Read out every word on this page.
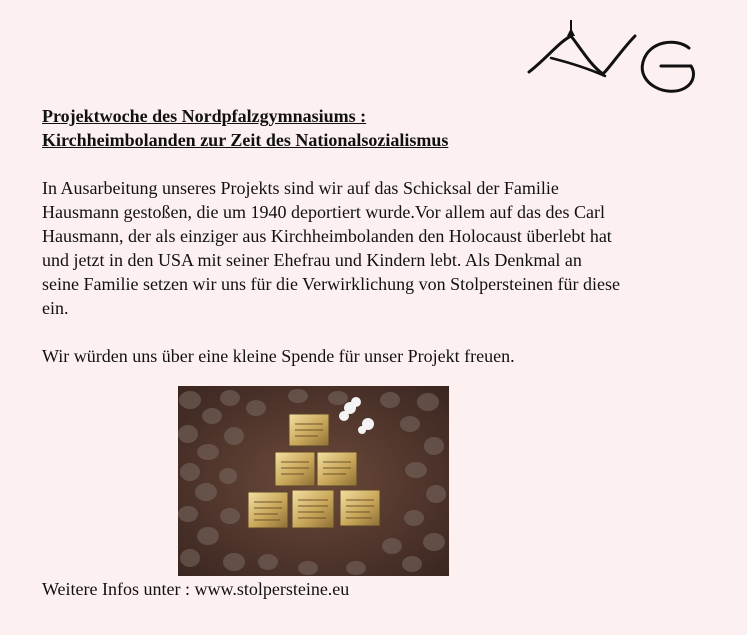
Projektwoche des Nordpfalzgymnasiums :
Kirchheimbolanden zur Zeit des Nationalsozialismus

In Ausarbeitung unseres Projekts sind wir auf das Schicksal der Familie
Hausmann gestoßen, die um 1940 deportiert wurde.Vor allem auf das des Carl
Hausmann, der als einziger aus Kirchheimbolanden den Holocaust überlebt hat
und jetzt in den USA mit seiner Ehefrau und Kindern lebt. Als Denkmal an
seine Familie setzen wir uns für die Verwirklichung von Stolpersteinen für diese
ein.

Wir würden uns über eine kleine Spende für unser Projekt freuen.

Weitere Infos unter : www.stolpersteine.eu
